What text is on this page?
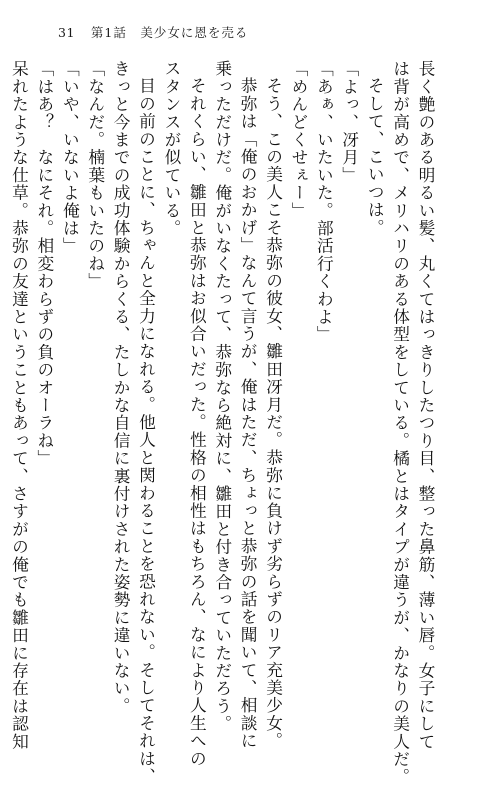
31 第1話　美少女に恩を売る
長く艶のある明るい髪、丸くてはっきりしたつり目、整った鼻筋、薄い唇。女子にして
は背が高めで、メリハリのある体型をしている。橘とはタイプが違うが、かなりの美人だ。
そして、こいつは。
「よっ、冴月」
「あぁ、いたいた。部活行くわよ」
「めんどくせぇー」
そう、この美人こそ恭弥の彼女、雛田冴月だ。恭弥に負けず劣らずのリア充美少女。
恭弥は「俺のおかげ」なんて言うが、俺はただ、ちょっと恭弥の話を聞いて、相談に
乗っただけだ。俺がいなくたって、恭弥なら絶対に、雛田と付き合っていただろう。
それくらい、雛田と恭弥はお似合いだった。性格の相性はもちろん、なにより人生への
スタンスが似ている。
目の前のことに、ちゃんと全力になれる。他人と関わることを恐れない。そしてそれは、
きっと今までの成功体験からくる、たしかな自信に裏付けされた姿勢に違いない。
「なんだ。楠葉もいたのね」
「いや、いないよ俺は」
「はあ？　なにそれ。相変わらずの負のオーラね」
呆れたような仕草。恭弥の友達ということもあって、さすがの俺でも雛田に存在は認知
